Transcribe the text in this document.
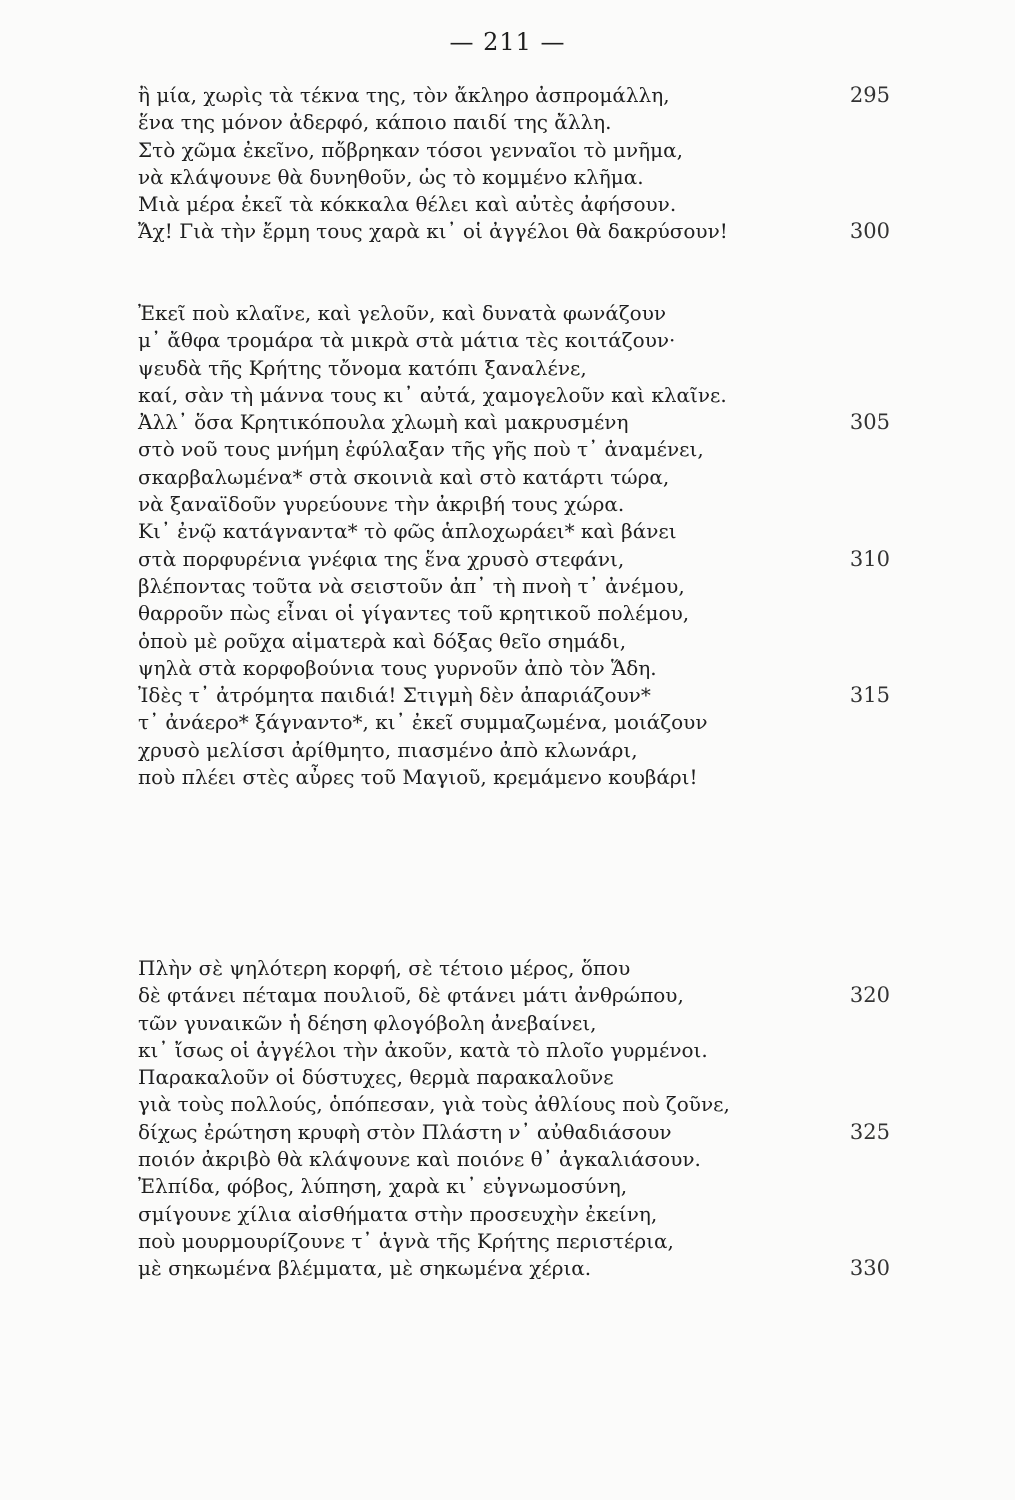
— 211 —
ἢ μία, χωρὶς τὰ τέκνα της, τὸν ἄκληρο ἀσπρομάλλη,	295
ἕνα της μόνον ἀδερφό, κάποιο παιδί της ἄλλη.
Στὸ χῶμα ἐκεῖνο, πὄβρηκαν τόσοι γενναῖοι τὸ μνῆμα,
νὰ κλάψουνε θὰ δυνηθοῦν, ὡς τὸ κομμένο κλῆμα.
Μιὰ μέρα ἐκεῖ τὰ κόκκαλα θέλει καὶ αὐτὲς ἀφήσουν.
Ἄχ! Γιὰ τὴν ἔρμη τους χαρὰ κι᾿ οἱ ἀγγέλοι θὰ δακρύσουν!	300
Ἐκεῖ ποὺ κλαῖνε, καὶ γελοῦν, καὶ δυνατὰ φωνάζουν
μ᾿ ἄθφα τρομάρα τὰ μικρὰ στὰ μάτια τὲς κοιτάζουν·
ψευδὰ τῆς Κρήτης τὄνομα κατόπι ξαναλένε,
καί, σὰν τὴ μάννα τους κι᾿ αὐτά, χαμογελοῦν καὶ κλαῖνε.
Ἀλλ᾿ ὅσα Κρητικόπουλα χλωμὴ καὶ μακρυσμένη	305
στὸ νοῦ τους μνήμη ἐφύλαξαν τῆς γῆς ποὺ τ᾿ ἀναμένει,
σκαρβαλωμένα* στὰ σκοινιὰ καὶ στὸ κατάρτι τώρα,
νὰ ξαναϊδοῦν γυρεύουνε τὴν ἀκριβή τους χώρα.
Κι᾿ ἐνῷ κατάγναντα* τὸ φῶς ἁπλοχωράει* καὶ βάνει
στὰ πορφυρένια γνέφια της ἕνα χρυσὸ στεφάνι,	310
βλέποντας τοῦτα νὰ σειστοῦν ἀπ᾿ τὴ πνοὴ τ᾿ ἀνέμου,
θαρροῦν πὼς εἶναι οἱ γίγαντες τοῦ κρητικοῦ πολέμου,
ὁποὺ μὲ ροῦχα αἱματερὰ καὶ δόξας θεῖο σημάδι,
ψηλὰ στὰ κορφοβούνια τους γυρνοῦν ἀπὸ τὸν Ἅδη.
Ἰδὲς τ᾿ ἀτρόμητα παιδιά! Στιγμὴ δὲν ἀπαριάζουν*	315
τ᾿ ἀνάερο* ξάγναντο*, κι᾿ ἐκεῖ συμμαζωμένα, μοιάζουν
χρυσὸ μελίσσι ἀρίθμητο, πιασμένο ἀπὸ κλωνάρι,
ποὺ πλέει στὲς αὖρες τοῦ Μαγιοῦ, κρεμάμενο κουβάρι!
Πλὴν σὲ ψηλότερη κορφή, σὲ τέτοιο μέρος, ὅπου
δὲ φτάνει πέταμα πουλιοῦ, δὲ φτάνει μάτι ἀνθρώπου,	320
τῶν γυναικῶν ἡ δέηση φλογόβολη ἀνεβαίνει,
κι᾿ ἴσως οἱ ἀγγέλοι τὴν ἀκοῦν, κατὰ τὸ πλοῖο γυρμένοι.
Παρακαλοῦν οἱ δύστυχες, θερμὰ παρακαλοῦνε
γιὰ τοὺς πολλούς, ὁπόπεσαν, γιὰ τοὺς ἀθλίους ποὺ ζοῦνε,
δίχως ἐρώτηση κρυφὴ στὸν Πλάστη ν᾿ αὐθαδιάσουν	325
ποιόν ἀκριβὸ θὰ κλάψουνε καὶ ποιόνε θ᾿ ἀγκαλιάσουν.
Ἐλπίδα, φόβος, λύπηση, χαρὰ κι᾿ εὐγνωμοσύνη,
σμίγουνε χίλια αἰσθήματα στὴν προσευχὴν ἐκείνη,
ποὺ μουρμουρίζουνε τ᾿ ἁγνὰ τῆς Κρήτης περιστέρια,
μὲ σηκωμένα βλέμματα, μὲ σηκωμένα χέρια.	330
